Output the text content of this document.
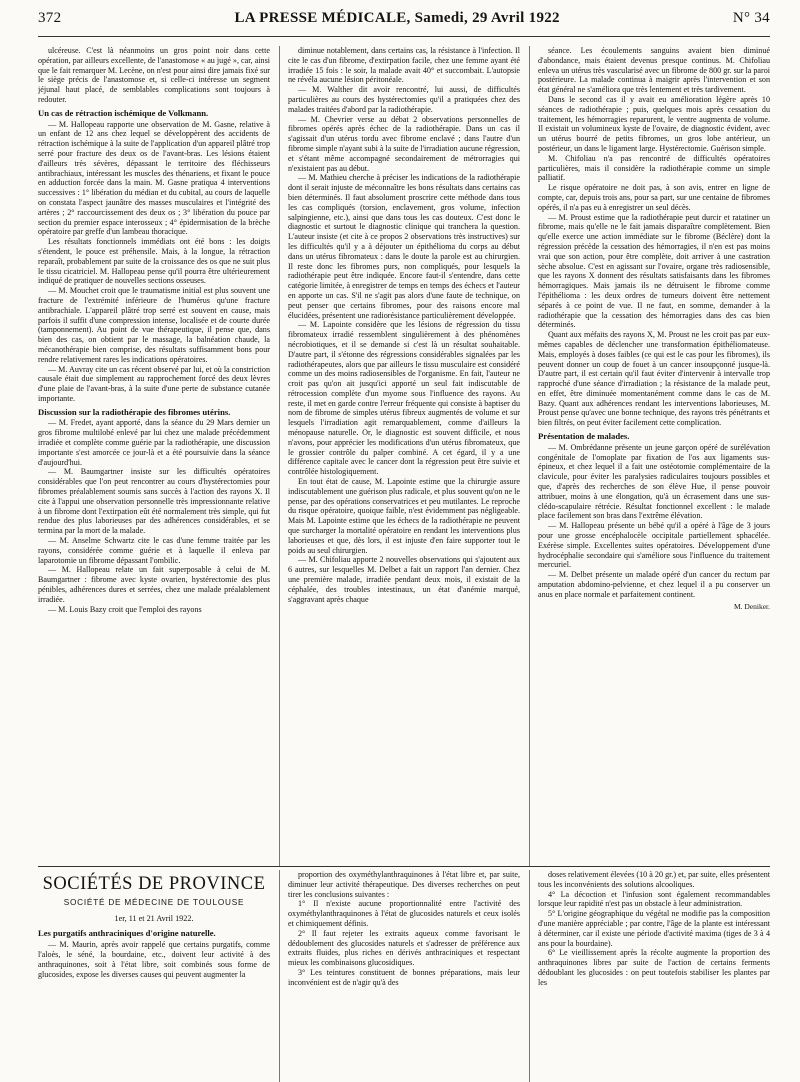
372	LA PRESSE MÉDICALE, Samedi, 29 Avril 1922	N° 34

ulcéreuse. C'est là néanmoins un gros point noir dans cette opération, par ailleurs excellente, de l'anastomose « au jugé », car, ainsi que le fait remarquer M. Lecène, on n'est pour ainsi dire jamais fixé sur le siège précis de l'anastomose et, si celle-ci intéresse un segment jéjunal haut placé, de semblables complications sont toujours à redouter.

Un cas de rétraction ischémique de Volkmann.

— M. Hallopeau rapporte une observation de M. Gasne, relative à un enfant de 12 ans chez lequel se développèrent des accidents de rétraction ischémique à la suite de l'application d'un appareil plâtré trop serré pour fracture des deux os de l'avant-bras. Les lésions étaient d'ailleurs très sévères, dépassant le territoire des fléchisseurs antibrachiaux, intéressant les muscles des thénariens, et fixant le pouce en adduction forcée dans la main. M. Gasne pratiqua 4 interventions successives : 1° libération du médian et du cubital, au cours de laquelle on constata l'aspect jaunâtre des masses musculaires et l'intégrité des artères ; 2° raccourcissement des deux os ; 3° libération du pouce par section du premier espace interosseux ; 4° épidermisation de la brèche opératoire par greffe d'un lambeau thoracique.

Les résultats fonctionnels immédiats ont été bons : les doigts s'étendent, le pouce est préhensile. Mais, à la longue, la rétraction reparaît, probablement par suite de la croissance des os que ne suit plus le tissu cicatriciel. M. Hallopeau pense qu'il pourra être ultérieurement indiqué de pratiquer de nouvelles sections osseuses.

— M. Mouchet croit que le traumatisme initial est plus souvent une fracture de l'extrémité inférieure de l'humérus qu'une fracture antibrachiale. L'appareil plâtré trop serré est souvent en cause, mais parfois il suffit d'une compression intense, localisée et de courte durée (tamponnement). Au point de vue thérapeutique, il pense que, dans bien des cas, on obtient par le massage, la balnéation chaude, la mécanothérapie bien comprise, des résultats suffisamment bons pour rendre relativement rares les indications opératoires.

— M. Auvray cite un cas récent observé par lui, et où la constriction causale était due simplement au rapprochement forcé des deux lèvres d'une plaie de l'avant-bras, à la suite d'une perte de substance cutanée importante.

Discussion sur la radiothérapie des fibromes utérins.

— M. Fredet, ayant apporté, dans la séance du 29 Mars dernier un gros fibrome multilobé enlevé par lui chez une malade précédemment irradiée et complète comme guérie par la radiothérapie, une discussion importante s'est amorcée ce jour-là et a été poursuivie dans la séance d'aujourd'hui.

— M. Baumgartner insiste sur les difficultés opératoires considérables que l'on peut rencontrer au cours d'hystérectomies pour fibromes préalablement soumis sans succès à l'action des rayons X. Il cite à l'appui une observation personnelle très impressionnante relative à un fibrome dont l'extirpation eût été normalement très simple, qui fut rendue des plus laborieuses par des adhérences considérables, et se termina par la mort de la malade.

— M. Anselme Schwartz cite le cas d'une femme traitée par les rayons, considérée comme guérie et à laquelle il enleva par laparotomie un fibrome dépassant l'ombilic.

— M. Hallopeau relate un fait superposable à celui de M. Baumgartner : fibrome avec kyste ovarien, hystérectomie des plus pénibles, adhérences dures et serrées, chez une malade préalablement irradiée.

— M. Louis Bazy croit que l'emploi des rayons

diminue notablement, dans certains cas, la résistance à l'infection. Il cite le cas d'un fibrome, d'extirpation facile, chez une femme ayant été irradiée 15 fois : le soir, la malade avait 40° et succombait. L'autopsie ne révéla aucune lésion péritonéale.

— M. Walther dit avoir rencontré, lui aussi, de difficultés particulières au cours des hystérectomies qu'il a pratiquées chez des malades traitées d'abord par la radiothérapie.

— M. Chevrier verse au débat 2 observations personnelles de fibromes opérés après échec de la radiothérapie. Dans un cas il s'agissait d'un utérus tordu avec fibrome enclavé ; dans l'autre d'un fibrome simple n'ayant subi à la suite de l'irradiation aucune régression, et s'étant même accompagné secondairement de métrorragies qui n'existaient pas au début.

— M. Mathieu cherche à préciser les indications de la radiothérapie dont il serait injuste de méconnaître les bons résultats dans certains cas bien déterminés. Il faut absolument proscrire cette méthode dans tous les cas compliqués (torsion, enclavement, gros volume, infection salpingienne, etc.), ainsi que dans tous les cas douteux. C'est donc le diagnostic et surtout le diagnostic clinique qui tranchera la question. L'auteur insiste (et cite à ce propos 2 observations très instructives) sur les difficultés qu'il y a à déjouter un épithélioma du corps au début dans un utérus fibromateux : dans le doute la parole est au chirurgien. Il reste donc les fibromes purs, non compliqués, pour lesquels la radiothérapie peut être indiquée. Encore faut-il s'entendre, dans cette catégorie limitée, à enregistrer de temps en temps des échecs et l'auteur en apporte un cas. S'il ne s'agit pas alors d'une faute de technique, on peut penser que certains fibromes, pour des raisons encore mal élucidées, présentent une radiorésistance particulièrement développée.

— M. Lapointe considère que les lésions de régression du tissu fibromateux irradié ressemblent singulièrement à des phénomènes nécrobiotiques, et il se demande si c'est là un résultat souhaitable. D'autre part, il s'étonne des régressions considérables signalées par les radiothérapeutes, alors que par ailleurs le tissu musculaire est considéré comme un des moins radiosensibles de l'organisme. En fait, l'auteur ne croit pas qu'on ait jusqu'ici apporté un seul fait indiscutable de rétrocession complète d'un myome sous l'influence des rayons. Au reste, il met en garde contre l'erreur fréquente qui consiste à baptiser du nom de fibrome de simples utérus fibreux augmentés de volume et sur lesquels l'irradiation agit remarquablement, comme d'ailleurs la ménopause naturelle. Or, le diagnostic est souvent difficile, et nous n'avons, pour apprécier les modifications d'un utérus fibromateux, que le grossier contrôle du palper combiné. A cet égard, il y a une différence capitale avec le cancer dont la régression peut être suivie et contrôlée histologiquement.

En tout état de cause, M. Lapointe estime que la chirurgie assure indiscutablement une guérison plus radicale, et plus souvent qu'on ne le pense, par des opérations conservatrices et peu mutilantes. Le reproche du risque opératoire, quoique faible, n'est évidemment pas négligeable. Mais M. Lapointe estime que les échecs de la radiothérapie ne peuvent que surcharger la mortalité opératoire en rendant les interventions plus laborieuses et que, dès lors, il est injuste d'en faire supporter tout le poids au seul chirurgien.

— M. Chifoliau apporte 2 nouvelles observations qui s'ajoutent aux 6 autres, sur lesquelles M. Delbet a fait un rapport l'an dernier. Chez une première malade, irradiée pendant deux mois, il existait de la céphalée, des troubles intestinaux, un état d'anémie marqué, s'aggravant après chaque

séance. Les écoulements sanguins avaient bien diminué d'abondance, mais étaient devenus presque continus. M. Chifoliau enleva un utérus très vascularisé avec un fibrome de 800 gr. sur la paroi postérieure. La malade continua à maigrir après l'intervention et son état général ne s'améliora que très lentement et très tardivement.

Dans le second cas il y avait eu amélioration légère après 10 séances de radiothérapie ; puis, quelques mois après cessation du traitement, les hémorragies reparurent, le ventre augmenta de volume. Il existait un volumineux kyste de l'ovaire, de diagnostic évident, avec un utérus bourré de petits fibromes, un gros lobe antérieur, un postérieur, un dans le ligament large. Hystérectomie. Guérison simple.

M. Chifoliau n'a pas rencontré de difficultés opératoires particulières, mais il considère la radiothérapie comme un simple palliatif.

Le risque opératoire ne doit pas, à son avis, entrer en ligne de compte, car, depuis trois ans, pour sa part, sur une centaine de fibromes opérés, il n'a pas eu à enregistrer un seul décès.

— M. Proust estime que la radiothérapie peut durcir et ratatiner un fibrome, mais qu'elle ne le fait jamais disparaître complètement. Bien qu'elle exerce une action immédiate sur le fibrome (Béclère) dont la régression précède la cessation des hémorragies, il n'en est pas moins vrai que son action, pour être complète, doit arriver à une castration sèche absolue. C'est en agissant sur l'ovaire, organe très radiosensible, que les rayons X donnent des résultats satisfaisants dans les fibromes hémorragiques. Mais jamais ils ne détruisent le fibrome comme l'épithélioma : les deux ordres de tumeurs doivent être nettement séparés à ce point de vue. Il ne faut, en somme, demander à la radiothérapie que la cessation des hémorragies dans des cas bien déterminés.

Quant aux méfaits des rayons X, M. Proust ne les croit pas par eux-mêmes capables de déclencher une transformation épithéliomateuse. Mais, employés à doses faibles (ce qui est le cas pour les fibromes), ils peuvent donner un coup de fouet à un cancer insoupçonné jusque-là. D'autre part, il est certain qu'il faut éviter d'intervenir à intervalle trop rapproché d'une séance d'irradiation ; la résistance de la malade peut, en effet, être diminuée momentanément comme dans le cas de M. Bazy. Quant aux adhérences rendant les interventions laborieuses, M. Proust pense qu'avec une bonne technique, des rayons très pénétrants et bien filtrés, on peut éviter facilement cette complication.

Présentation de malades.

— M. Ombrédanne présente un jeune garçon opéré de surélévation congénitale de l'omoplate par fixation de l'os aux ligaments sus-épineux, et chez lequel il a fait une ostéotomie complémentaire de la clavicule, pour éviter les paralysies radiculaires toujours possibles et que, d'après des recherches de son élève Hue, il pense pouvoir attribuer, moins à une élongation, qu'à un écrasement dans une sus-clédo-scapulaire rétrécie. Résultat fonctionnel excellent : le malade place facilement son bras dans l'extrême élévation.

— M. Hallopeau présente un bébé qu'il a opéré à l'âge de 3 jours pour une grosse encéphalocèle occipitale partiellement sphacélée. Exérèse simple. Excellentes suites opératoires. Développement d'une hydrocéphalie secondaire qui s'améliore sous l'influence du traitement mercuriel.

— M. Delbet présente un malade opéré d'un cancer du rectum par amputation abdomino-pelvienne, et chez lequel il a pu conserver un anus en place normale et parfaitement continent.

M. Deniker.
SOCIÉTÉS DE PROVINCE
SOCIÉTÉ DE MÉDECINE DE TOULOUSE
1er, 11 et 21 Avril 1922.
Les purgatifs anthraciniques d'origine naturelle.

— M. Maurin, après avoir rappelé que certains purgatifs, comme l'aloès, le séné, la bourdaine, etc., doivent leur activité à des anthraquinones, soit à l'état libre, soit combinés sous forme de glucosides, expose les diverses causes qui peuvent augmenter la

proportion des oxyméthylanthraquinones à l'état libre et, par suite, diminuer leur activité thérapeutique. Des diverses recherches on peut tirer les conclusions suivantes :

1° Il n'existe aucune proportionnalité entre l'activité des oxyméthylanthraquinones à l'état de glucosides naturels et ceux isolés et chimiquement définis.

2° Il faut rejeter les extraits aqueux comme favorisant le dédoublement des glucosides naturels et s'adresser de préférence aux extraits fluides, plus riches en dérivés anthraciniques et respectant mieux les combinaisons glucosidiques.

3° Les teintures constituent de bonnes préparations, mais leur inconvénient est de n'agir qu'à des

doses relativement élevées (10 à 20 gr.) et, par suite, elles présentent tous les inconvénients des solutions alcooliques.

4° La décoction et l'infusion sont également recommandables lorsque leur rapidité n'est pas un obstacle à leur administration.

5° L'origine géographique du végétal ne modifie pas la composition d'une manière appréciable ; par contre, l'âge de la plante est intéressant à déterminer, car il existe une période d'activité maxima (tiges de 3 à 4 ans pour la bourdaine).

6° Le vieillissement après la récolte augmente la proportion des anthraquinones libres par suite de l'action de certains ferments dédoublant les glucosides : on peut toutefois stabiliser les plantes par les
